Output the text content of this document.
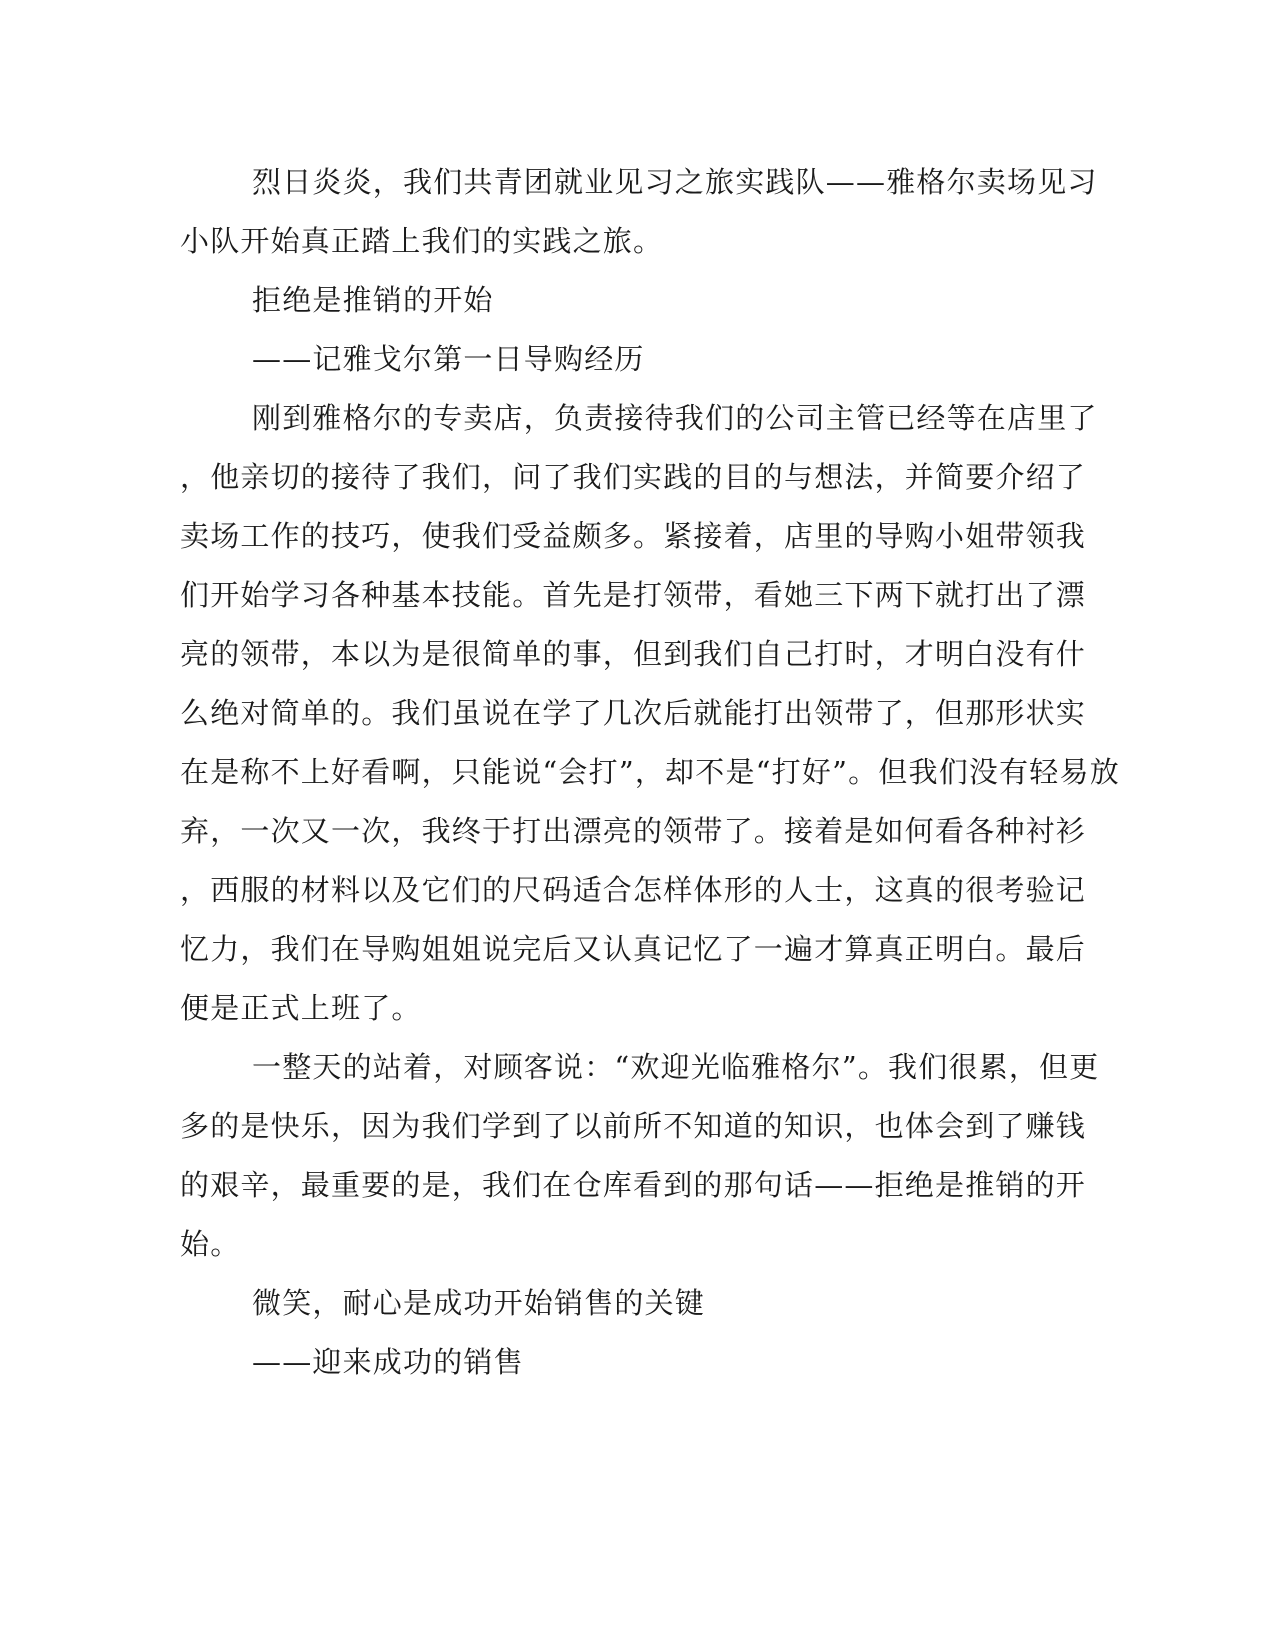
烈日炎炎，我们共青团就业见习之旅实践队——雅格尔卖场见习
小队开始真正踏上我们的实践之旅。
拒绝是推销的开始
——记雅戈尔第一日导购经历
刚到雅格尔的专卖店，负责接待我们的公司主管已经等在店里了
，他亲切的接待了我们，问了我们实践的目的与想法，并简要介绍了
卖场工作的技巧，使我们受益颇多。紧接着，店里的导购小姐带领我
们开始学习各种基本技能。首先是打领带，看她三下两下就打出了漂
亮的领带，本以为是很简单的事，但到我们自己打时，才明白没有什
么绝对简单的。我们虽说在学了几次后就能打出领带了，但那形状实
在是称不上好看啊，只能说“会打”，却不是“打好”。但我们没有轻易放
弃，一次又一次，我终于打出漂亮的领带了。接着是如何看各种衬衫
，西服的材料以及它们的尺码适合怎样体形的人士，这真的很考验记
忆力，我们在导购姐姐说完后又认真记忆了一遍才算真正明白。最后
便是正式上班了。
一整天的站着，对顾客说：“欢迎光临雅格尔”。我们很累，但更
多的是快乐，因为我们学到了以前所不知道的知识，也体会到了赚钱
的艰辛，最重要的是，我们在仓库看到的那句话——拒绝是推销的开
始。
微笑，耐心是成功开始销售的关键
——迎来成功的销售
